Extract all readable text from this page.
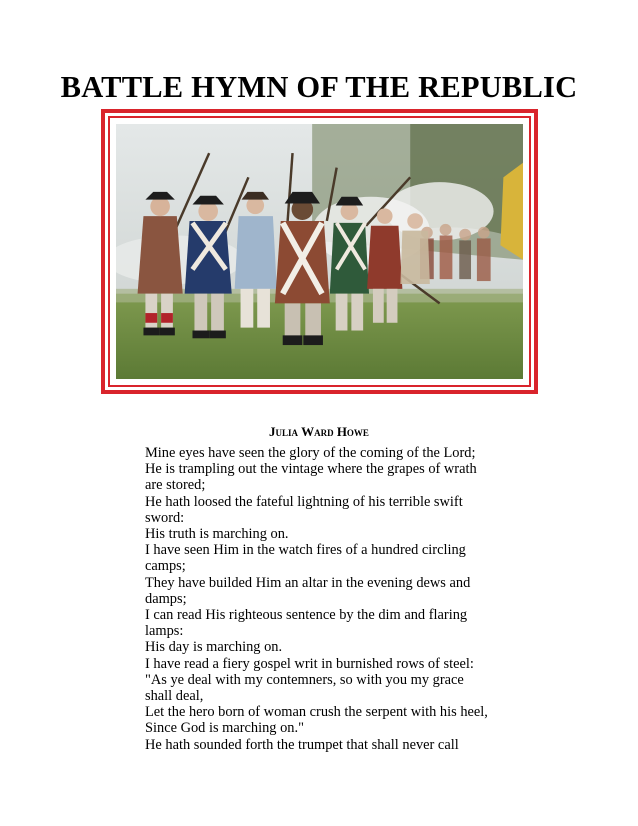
BATTLE HYMN OF THE REPUBLIC
Julia Ward Howe
Mine eyes have seen the glory of the coming of the Lord;
He is trampling out the vintage where the grapes of wrath
are stored;
He hath loosed the fateful lightning of his terrible swift
sword:
His truth is marching on.
I have seen Him in the watch fires of a hundred circling
camps;
They have builded Him an altar in the evening dews and
damps;
I can read His righteous sentence by the dim and flaring
lamps:
His day is marching on.
I have read a fiery gospel writ in burnished rows of steel:
"As ye deal with my contemners, so with you my grace
shall deal,
Let the hero born of woman crush the serpent with his heel,
Since God is marching on."
He hath sounded forth the trumpet that shall never call
